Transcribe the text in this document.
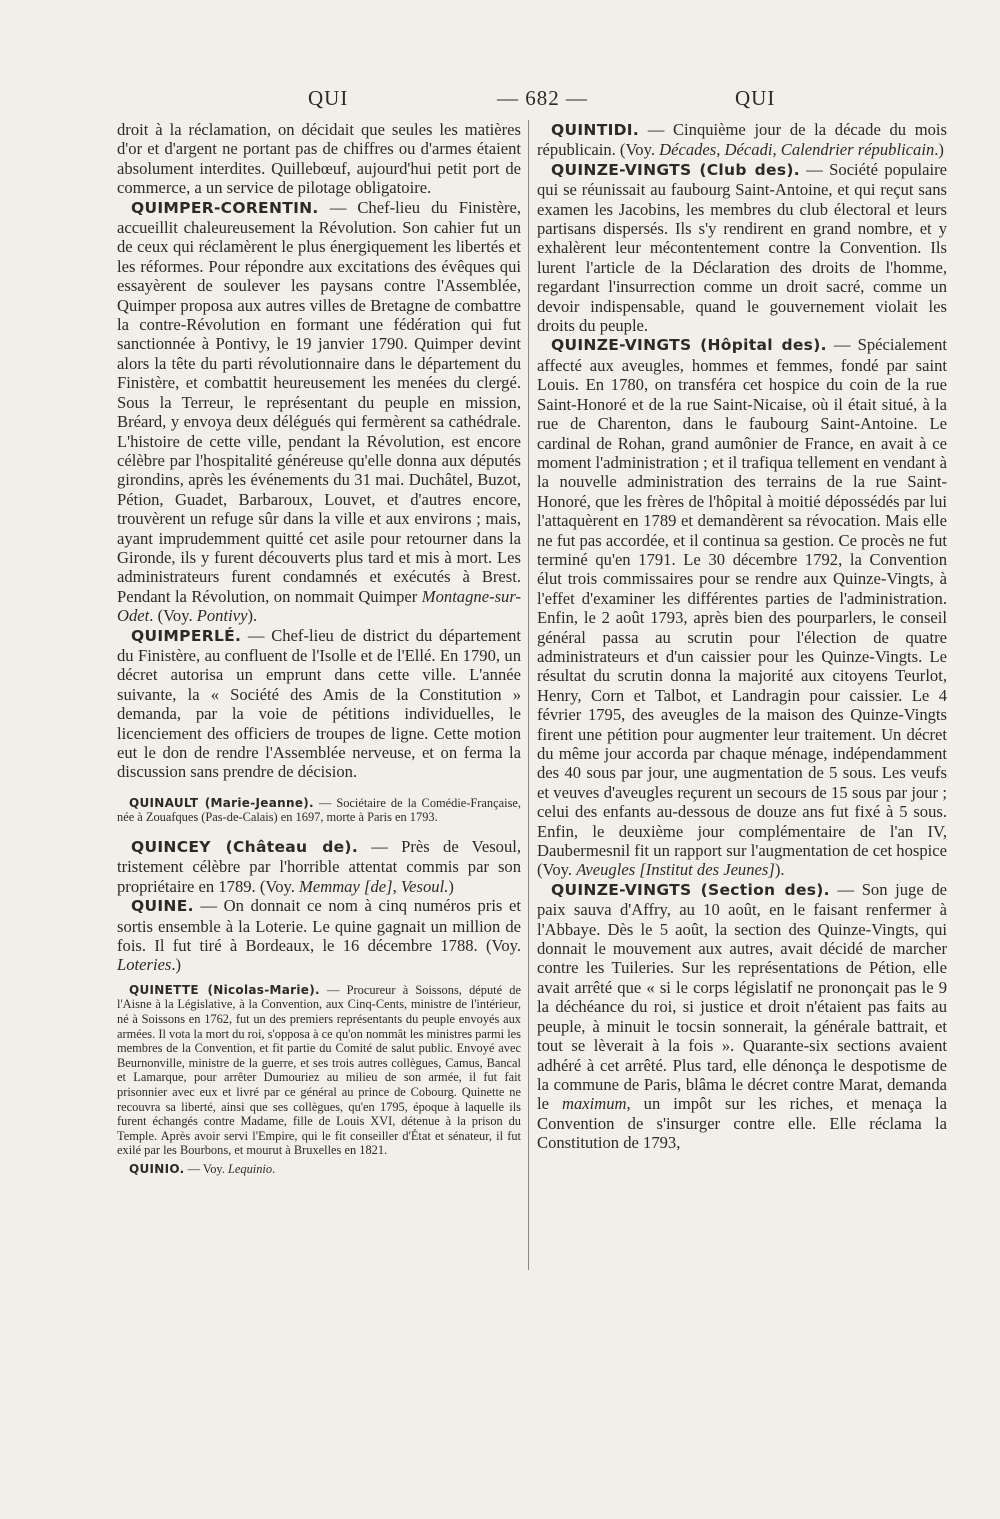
QUI	— 682 —	QUI

droit à la réclamation, on décidait que seules les matières d'or et d'argent ne portant pas de chiffres ou d'armes étaient absolument interdites. Quillebœuf, aujourd'hui petit port de commerce, a un service de pilotage obligatoire.

QUIMPER-CORENTIN. — Chef-lieu du Finistère, accueillit chaleureusement la Révolution. Son cahier fut un de ceux qui réclamèrent le plus énergiquement les libertés et les réformes. Pour répondre aux excitations des évêques qui essayèrent de soulever les paysans contre l'Assemblée, Quimper proposa aux autres villes de Bretagne de combattre la contre-Révolution en formant une fédération qui fut sanctionnée à Pontivy, le 19 janvier 1790. Quimper devint alors la tête du parti révolutionnaire dans le département du Finistère, et combattit heureusement les menées du clergé. Sous la Terreur, le représentant du peuple en mission, Bréard, y envoya deux délégués qui fermèrent sa cathédrale. L'histoire de cette ville, pendant la Révolution, est encore célèbre par l'hospitalité généreuse qu'elle donna aux députés girondins, après les événements du 31 mai. Duchâtel, Buzot, Pétion, Guadet, Barbaroux, Louvet, et d'autres encore, trouvèrent un refuge sûr dans la ville et aux environs ; mais, ayant imprudemment quitté cet asile pour retourner dans la Gironde, ils y furent découverts plus tard et mis à mort. Les administrateurs furent condamnés et exécutés à Brest. Pendant la Révolution, on nommait Quimper Montagne-sur-Odet. (Voy. Pontivy).

QUIMPERLÉ. — Chef-lieu de district du département du Finistère, au confluent de l'Isolle et de l'Ellé. En 1790, un décret autorisa un emprunt dans cette ville. L'année suivante, la « Société des Amis de la Constitution » demanda, par la voie de pétitions individuelles, le licenciement des officiers de troupes de ligne. Cette motion eut le don de rendre l'Assemblée nerveuse, et on ferma la discussion sans prendre de décision.

QUINAULT (Marie-Jeanne). — Sociétaire de la Comédie-Française, née à Zouafques (Pas-de-Calais) en 1697, morte à Paris en 1793.

QUINCEY (Château de). — Près de Vesoul, tristement célèbre par l'horrible attentat commis par son propriétaire en 1789. (Voy. Memmay [de], Vesoul.)

QUINE. — On donnait ce nom à cinq numéros pris et sortis ensemble à la Loterie. Le quine gagnait un million de fois. Il fut tiré à Bordeaux, le 16 décembre 1788. (Voy. Loteries.)

QUINETTE (Nicolas-Marie). — Procureur à Soissons, député de l'Aisne à la Législative, à la Convention, aux Cinq-Cents, ministre de l'intérieur, né à Soissons en 1762, fut un des premiers représentants du peuple envoyés aux armées. Il vota la mort du roi, s'opposa à ce qu'on nommât les ministres parmi les membres de la Convention, et fit partie du Comité de salut public. Envoyé avec Beurnonville, ministre de la guerre, et ses trois autres collègues, Camus, Bancal et Lamarque, pour arrêter Dumouriez au milieu de son armée, il fut fait prisonnier avec eux et livré par ce général au prince de Cobourg. Quinette ne recouvra sa liberté, ainsi que ses collègues, qu'en 1795, époque à laquelle ils furent échangés contre Madame, fille de Louis XVI, détenue à la prison du Temple. Après avoir servi l'Empire, qui le fit conseiller d'État et sénateur, il fut exilé par les Bourbons, et mourut à Bruxelles en 1821.

QUINIO. — Voy. Lequinio.

QUINTIDI. — Cinquième jour de la décade du mois républicain. (Voy. Décades, Décadi, Calendrier républicain.)

QUINZE-VINGTS (Club des). — Société populaire qui se réunissait au faubourg Saint-Antoine, et qui reçut sans examen les Jacobins, les membres du club électoral et leurs partisans dispersés. Ils s'y rendirent en grand nombre, et y exhalèrent leur mécontentement contre la Convention. Ils lurent l'article de la Déclaration des droits de l'homme, regardant l'insurrection comme un droit sacré, comme un devoir indispensable, quand le gouvernement violait les droits du peuple.

QUINZE-VINGTS (Hôpital des). — Spécialement affecté aux aveugles, hommes et femmes, fondé par saint Louis. En 1780, on transféra cet hospice du coin de la rue Saint-Honoré et de la rue Saint-Nicaise, où il était situé, à la rue de Charenton, dans le faubourg Saint-Antoine. Le cardinal de Rohan, grand aumônier de France, en avait à ce moment l'administration ; et il trafiqua tellement en vendant à la nouvelle administration des terrains de la rue Saint-Honoré, que les frères de l'hôpital à moitié dépossédés par lui l'attaquèrent en 1789 et demandèrent sa révocation. Mais elle ne fut pas accordée, et il continua sa gestion. Ce procès ne fut terminé qu'en 1791. Le 30 décembre 1792, la Convention élut trois commissaires pour se rendre aux Quinze-Vingts, à l'effet d'examiner les différentes parties de l'administration. Enfin, le 2 août 1793, après bien des pourparlers, le conseil général passa au scrutin pour l'élection de quatre administrateurs et d'un caissier pour les Quinze-Vingts. Le résultat du scrutin donna la majorité aux citoyens Teurlot, Henry, Corn et Talbot, et Landragin pour caissier. Le 4 février 1795, des aveugles de la maison des Quinze-Vingts firent une pétition pour augmenter leur traitement. Un décret du même jour accorda par chaque ménage, indépendamment des 40 sous par jour, une augmentation de 5 sous. Les veufs et veuves d'aveugles reçurent un secours de 15 sous par jour ; celui des enfants au-dessous de douze ans fut fixé à 5 sous. Enfin, le deuxième jour complémentaire de l'an IV, Daubermesnil fit un rapport sur l'augmentation de cet hospice (Voy. Aveugles [Institut des Jeunes]).

QUINZE-VINGTS (Section des). — Son juge de paix sauva d'Affry, au 10 août, en le faisant renfermer à l'Abbaye. Dès le 5 août, la section des Quinze-Vingts, qui donnait le mouvement aux autres, avait décidé de marcher contre les Tuileries. Sur les représentations de Pétion, elle avait arrêté que « si le corps législatif ne prononçait pas le 9 la déchéance du roi, si justice et droit n'étaient pas faits au peuple, à minuit le tocsin sonnerait, la générale battrait, et tout se lèverait à la fois ». Quarante-six sections avaient adhéré à cet arrêté. Plus tard, elle dénonça le despotisme de la commune de Paris, blâma le décret contre Marat, demanda le maximum, un impôt sur les riches, et menaça la Convention de s'insurger contre elle. Elle réclama la Constitution de 1793,
